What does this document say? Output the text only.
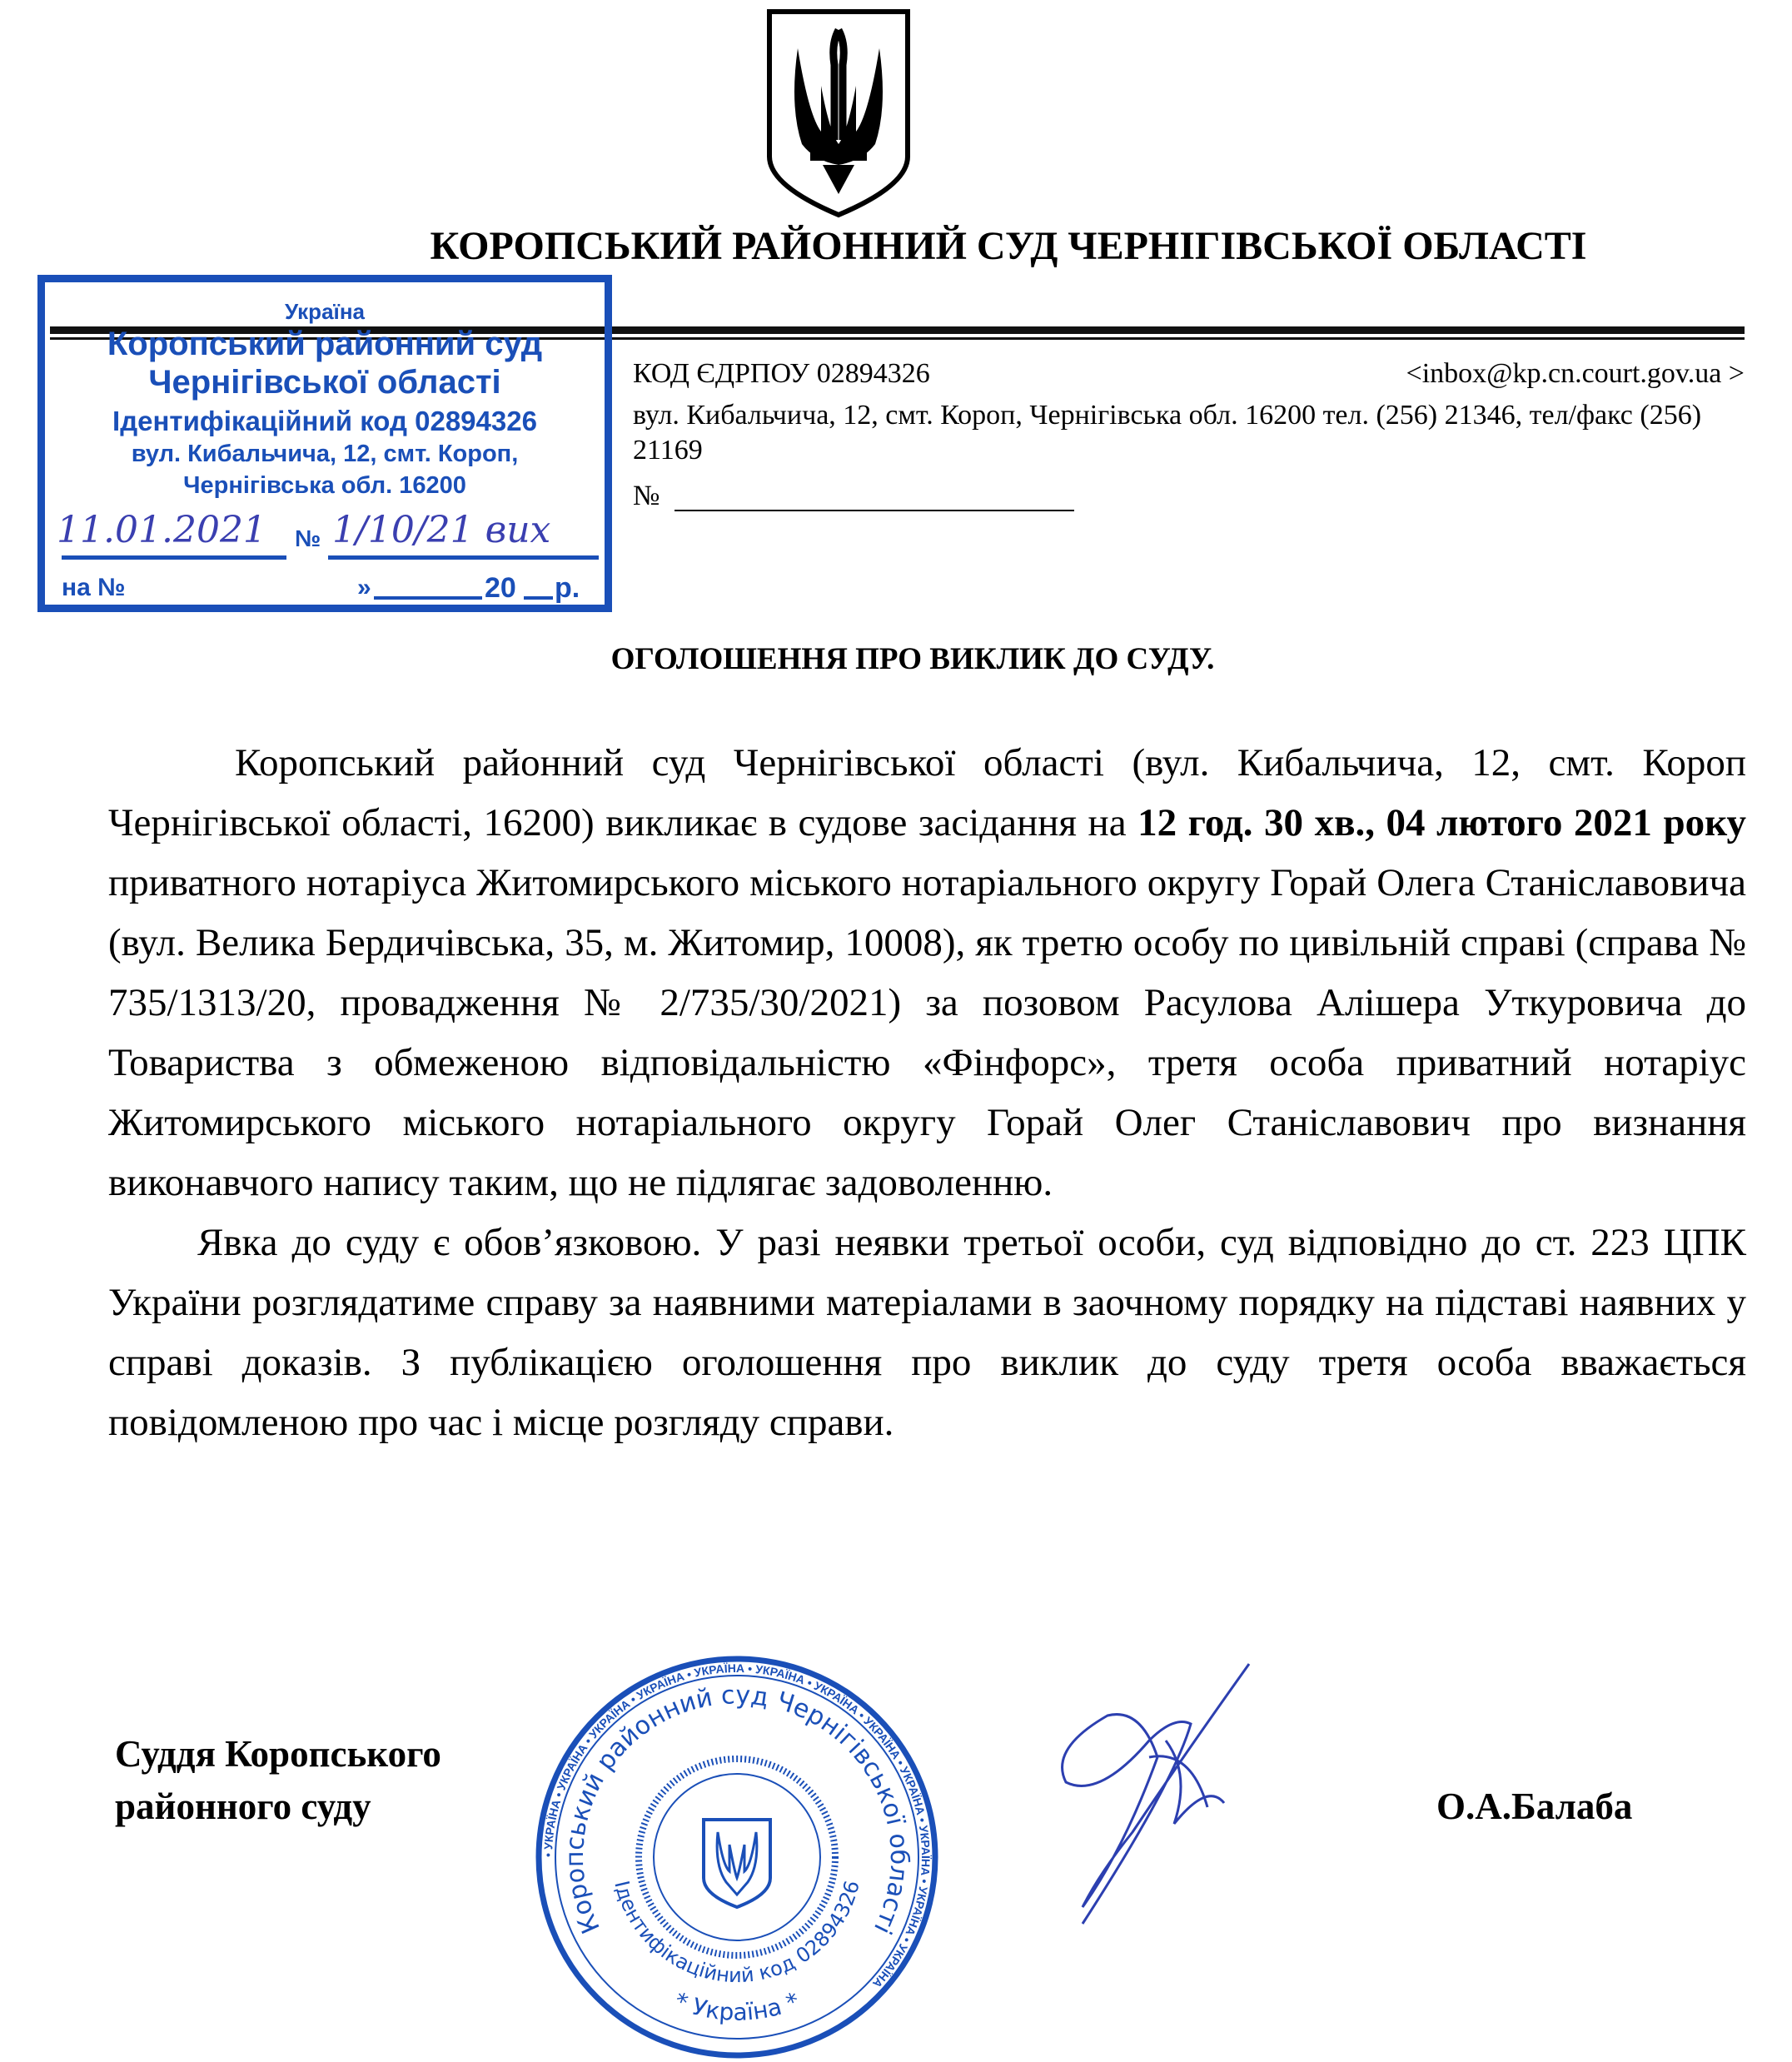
КОРОПСЬКИЙ РАЙОННИЙ СУД ЧЕРНІГІВСЬКОЇ ОБЛАСТІ
КОД ЄДРПОУ 02894326	<inbox@kp.cn.court.gov.ua >
вул. Кибальчича, 12, смт. Короп, Чернігівська обл. 16200 тел. (256) 21346, тел/факс (256) 21169
№
Україна
Коропський районний суд
Чернігівської області
Ідентифікаційний код 02894326
вул. Кибальчича, 12, смт. Короп,
Чернігівська обл. 16200
11.01.2021 № 1/10/21 вих
на №	»	20 р.
ОГОЛОШЕННЯ ПРО ВИКЛИК ДО СУДУ.

Коропський районний суд Чернігівської області (вул. Кибальчича, 12, смт. Короп Чернігівської області, 16200) викликає в судове засідання на 12 год. 30 хв., 04 лютого 2021 року приватного нотаріуса Житомирського міського нотаріального округу Горай Олега Станіславовича (вул. Велика Бердичівська, 35, м. Житомир, 10008), як третю особу по цивільній справі (справа № 735/1313/20, провадження № 2/735/30/2021) за позовом Расулова Алішера Уткуровича до Товариства з обмеженою відповідальністю «Фінфорс», третя особа приватний нотаріус Житомирського міського нотаріального округу Горай Олег Станіславович про визнання виконавчого напису таким, що не підлягає задоволенню.

Явка до суду є обов’язковою. У разі неявки третьої особи, суд відповідно до ст. 223 ЦПК України розглядатиме справу за наявними матеріалами в заочному порядку на підставі наявних у справі доказів. З публікацією оголошення про виклик до суду третя особа вважається повідомленою про час і місце розгляду справи.

Суддя Коропського
районного суду	О.А.Балаба
• УКРАЇНА • УКРАЇНА • УКРАЇНА • УКРАЇНА • УКРАЇНА • УКРАЇНА • УКРАЇНА • УКРАЇНА • УКРАЇНА • УКРАЇНА • УКРАЇНА • УКРАЇНА
Коропський районний суд Чернігівської області
Ідентифікаційний код 02894326
* Україна *
